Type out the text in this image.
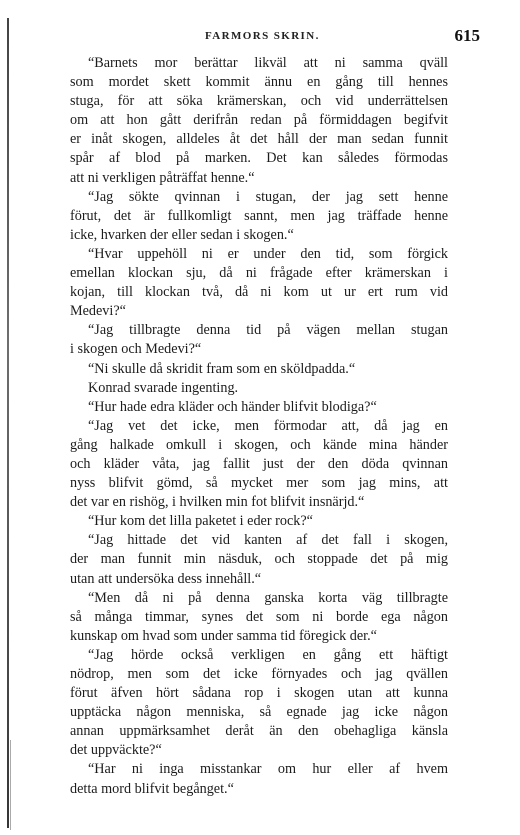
FARMORS SKRIN.	615
“Barnets mor berättar likväl att ni samma qväll
som mordet skett kommit ännu en gång till hennes
stuga, för att söka krämerskan, och vid underrättelsen
om att hon gått derifrån redan på förmiddagen begifvit
er inåt skogen, alldeles åt det håll der man sedan funnit
spår af blod på marken. Det kan således förmodas
att ni verkligen påträffat henne.“
“Jag sökte qvinnan i stugan, der jag sett henne
förut, det är fullkomligt sannt, men jag träffade henne
icke, hvarken der eller sedan i skogen.“
“Hvar uppehöll ni er under den tid, som förgick
emellan klockan sju, då ni frågade efter krämerskan i
kojan, till klockan två, då ni kom ut ur ert rum vid
Medevi?“
“Jag tillbragte denna tid på vägen mellan stugan
i skogen och Medevi?“
“Ni skulle då skridit fram som en sköldpadda.“
Konrad svarade ingenting.
“Hur hade edra kläder och händer blifvit blodiga?“
“Jag vet det icke, men förmodar att, då jag en
gång halkade omkull i skogen, och kände mina händer
och kläder våta, jag fallit just der den döda qvinnan
nyss blifvit gömd, så mycket mer som jag mins, att
det var en rishög, i hvilken min fot blifvit insnärjd.“
“Hur kom det lilla paketet i eder rock?“
“Jag hittade det vid kanten af det fall i skogen,
der man funnit min näsduk, och stoppade det på mig
utan att undersöka dess innehåll.“
“Men då ni på denna ganska korta väg tillbragte
så många timmar, synes det som ni borde ega någon
kunskap om hvad som under samma tid föregick der.“
“Jag hörde också verkligen en gång ett häftigt
nödrop, men som det icke förnyades och jag qvällen
förut äfven hört sådana rop i skogen utan att kunna
upptäcka någon menniska, så egnade jag icke någon
annan uppmärksamhet deråt än den obehagliga känsla
det uppväckte?“
“Har ni inga misstankar om hur eller af hvem
detta mord blifvit begånget.“
